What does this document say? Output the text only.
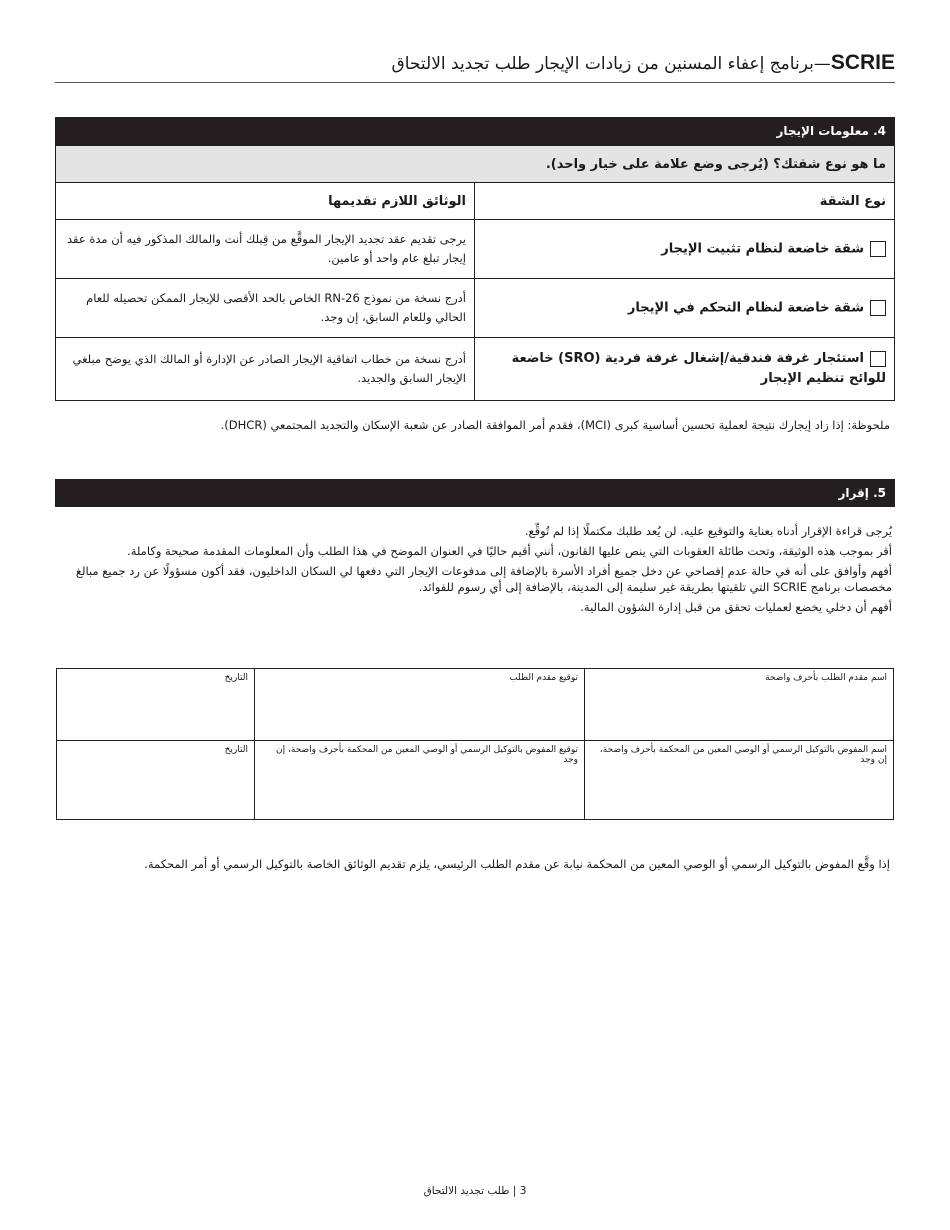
SCRIE—برنامج إعفاء المسنين من زيادات الإيجار طلب تجديد الالتحاق
4. معلومات الإيجار
ما هو نوع شقتك؟ (يُرجى وضع علامة على خيار واحد).	
نوع الشقة	الوثائق اللازم تقديمها
شقة خاضعة لنظام تثبيت الإيجار	يرجى تقديم عقد تجديد الإيجار الموقَّع من قِبلك أنت والمالك المذكور فيه أن مدة عقد إيجار تبلغ عام واحد أو عامين.
شقة خاضعة لنظام التحكم في الإيجار	أدرج نسخة من نموذج RN-26 الخاص بالحد الأقصى للإيجار الممكن تحصيله للعام الحالي وللعام السابق، إن وجد.
استئجار غرفة فندقية/إشغال غرفة فردية (SRO) خاضعة للوائح تنظيم الإيجار	أدرج نسخة من خطاب اتفاقية الإيجار الصادر عن الإدارة أو المالك الذي يوضح مبلغي الإيجار السابق والجديد.
ملحوظة: إذا زاد إيجارك نتيجة لعملية تحسين أساسية كبرى (MCI)، فقدم أمر الموافقة الصادر عن شعبة الإسكان والتجديد المجتمعي (DHCR).
5. إقرار

يُرجى قراءة الإقرار أدناه بعناية والتوقيع عليه. لن يُعد طلبك مكتملًا إذا لم تُوقِّع.

أقر بموجب هذه الوثيقة، وتحت طائلة العقوبات التي ينص عليها القانون، أنني أقيم حاليًا في العنوان الموضح في هذا الطلب وأن المعلومات المقدمة صحيحة وكاملة.

أفهم وأوافق على أنه في حالة عدم إفصاحي عن دخل جميع أفراد الأسرة بالإضافة إلى مدفوعات الإيجار التي دفعها لي السكان الداخليون، فقد أكون مسؤولًا عن رد جميع مبالغ مخصصات برنامج SCRIE التي تلقيتها بطريقة غير سليمة إلى المدينة، بالإضافة إلى أي رسوم للفوائد.

أفهم أن دخلي يخضع لعمليات تحقق من قبل إدارة الشؤون المالية.

اسم مقدم الطلب بأحرف واضحة	توقيع مقدم الطلب	التاريخ
اسم المفوض بالتوكيل الرسمي أو الوصي المعين من المحكمة بأحرف واضحة، إن وجد	توقيع المفوض بالتوكيل الرسمي أو الوصي المعين من المحكمة بأحرف واضحة، إن وجد	التاريخ
إذا وقَّع المفوض بالتوكيل الرسمي أو الوصي المعين من المحكمة نيابة عن مقدم الطلب الرئيسي، يلزم تقديم الوثائق الخاصة بالتوكيل الرسمي أو أمر المحكمة.
3 | طلب تجديد الالتحاق
